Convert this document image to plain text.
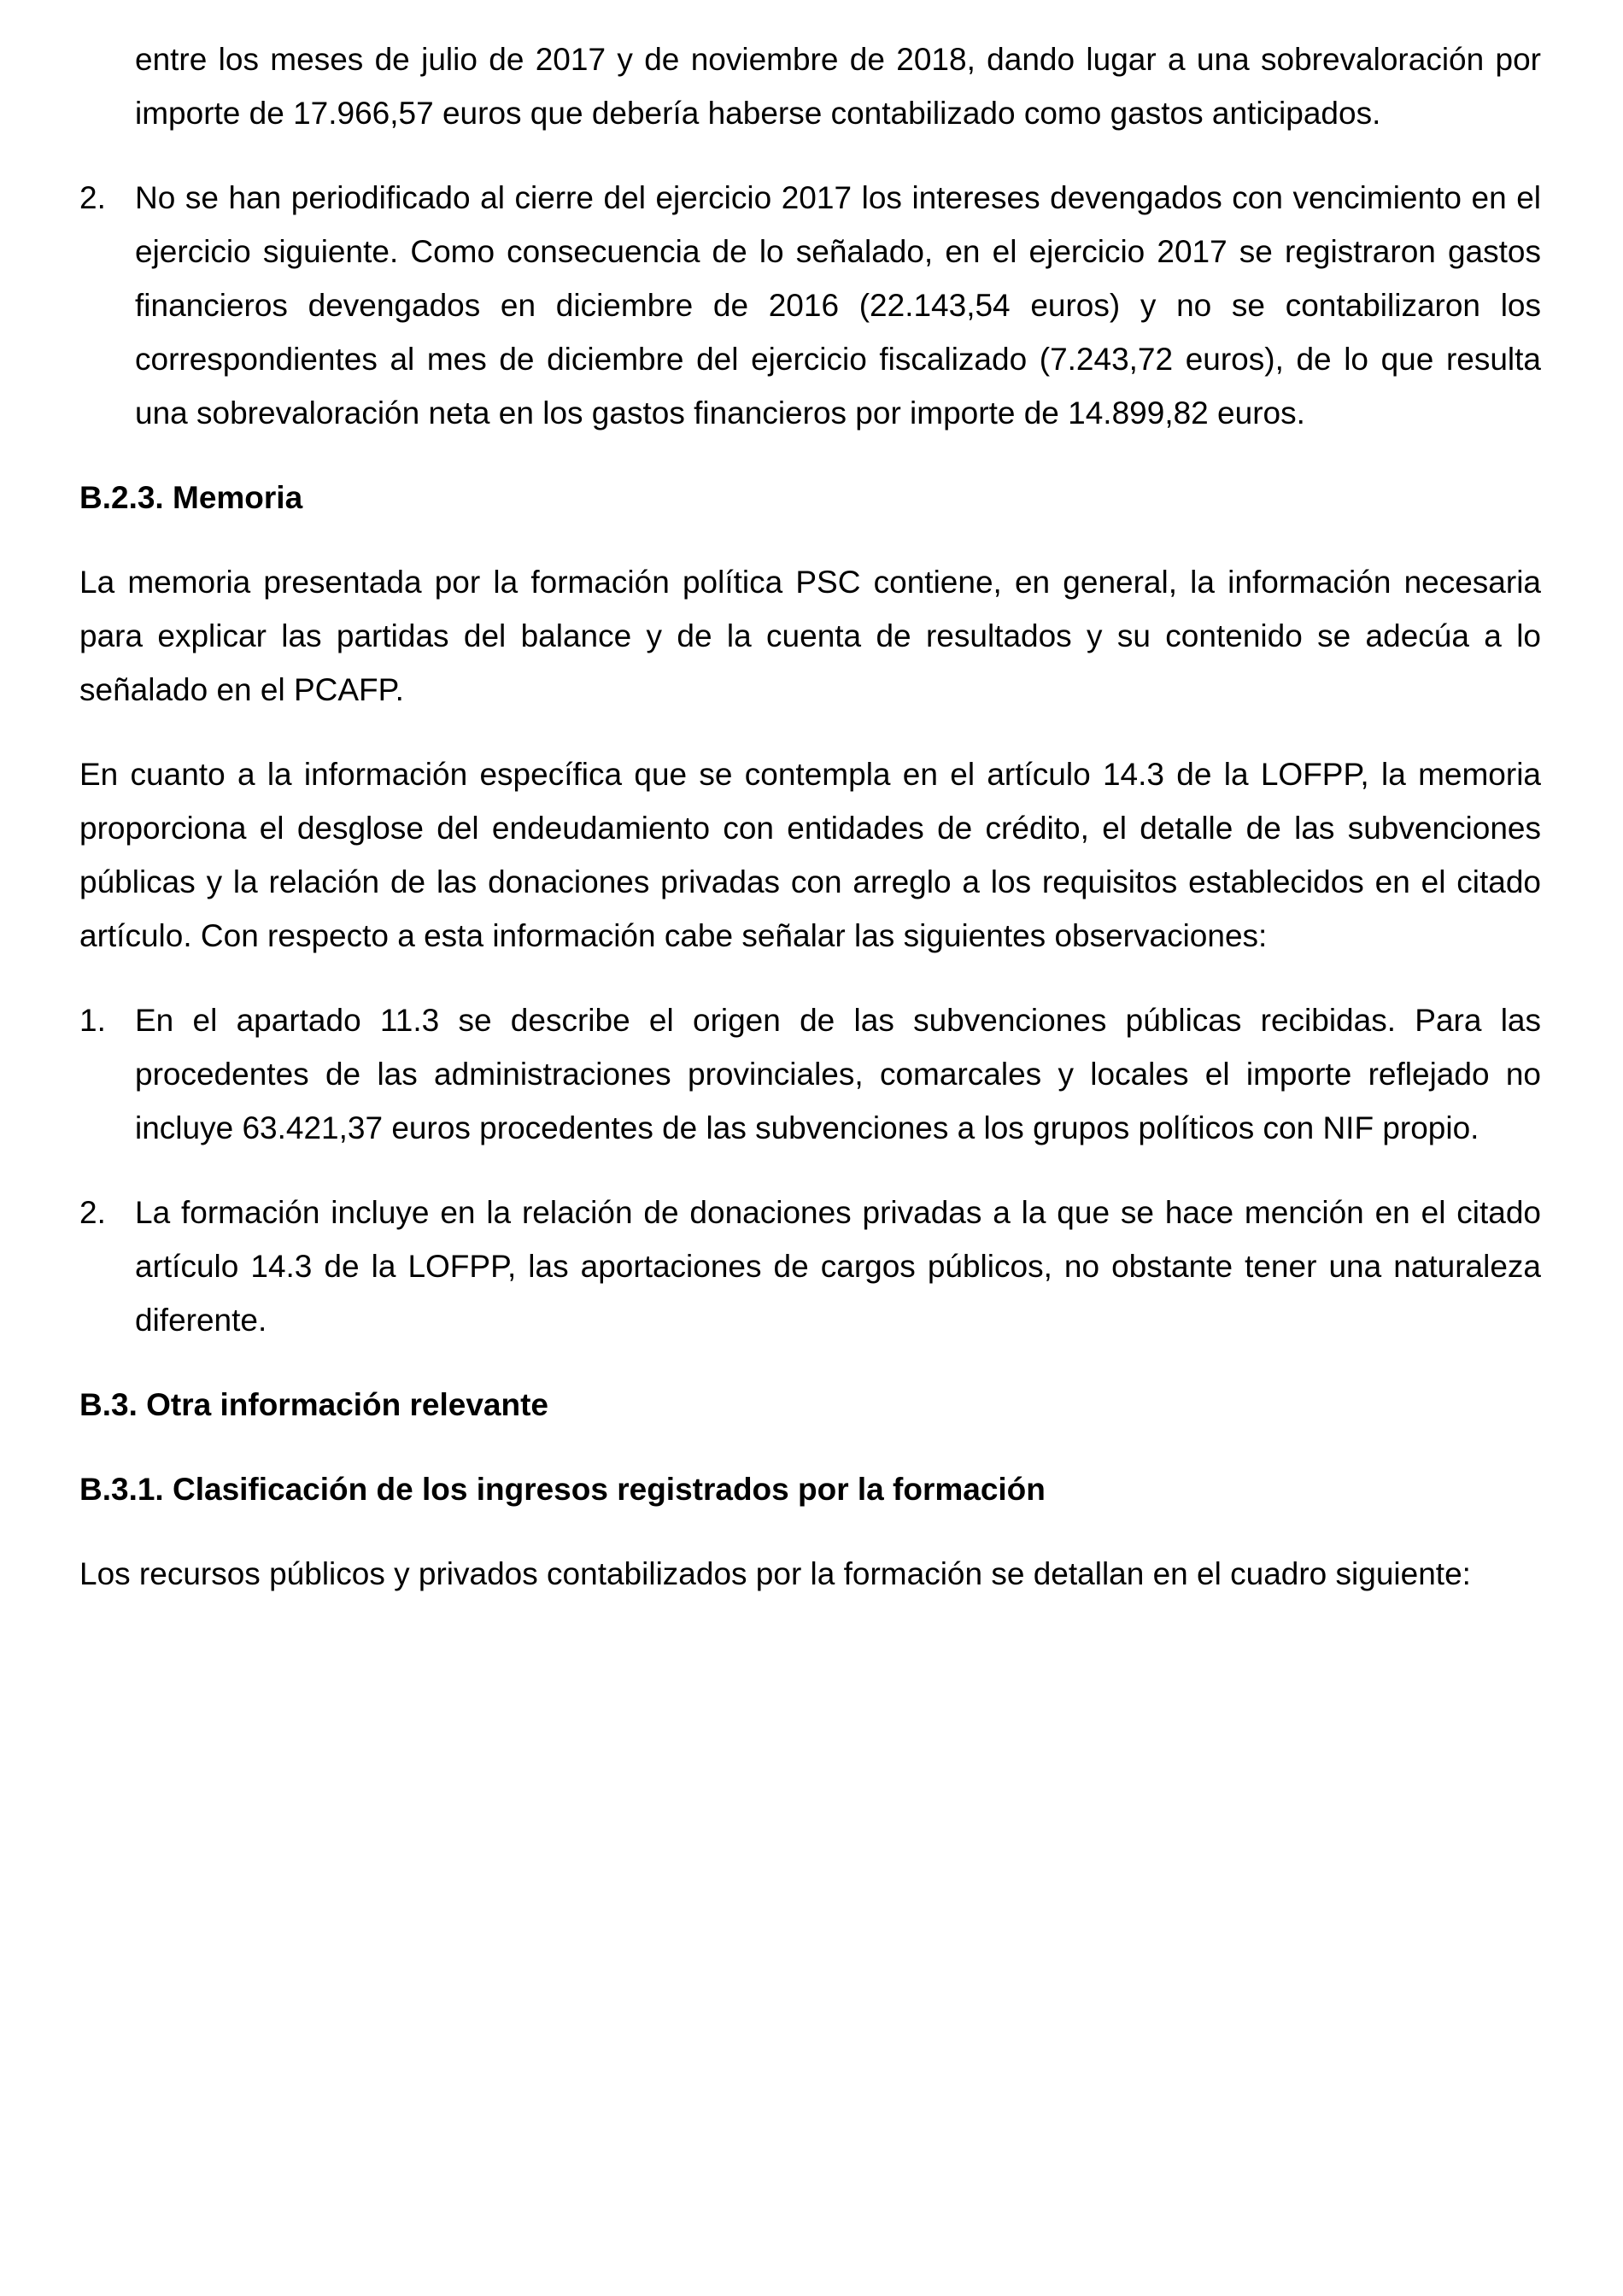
entre los meses de julio de 2017 y de noviembre de 2018, dando lugar a una sobrevaloración por importe de 17.966,57 euros que debería haberse contabilizado como gastos anticipados.

2. No se han periodificado al cierre del ejercicio 2017 los intereses devengados con vencimiento en el ejercicio siguiente. Como consecuencia de lo señalado, en el ejercicio 2017 se registraron gastos financieros devengados en diciembre de 2016 (22.143,54 euros) y no se contabilizaron los correspondientes al mes de diciembre del ejercicio fiscalizado (7.243,72 euros), de lo que resulta una sobrevaloración neta en los gastos financieros por importe de 14.899,82 euros.

B.2.3. Memoria

La memoria presentada por la formación política PSC contiene, en general, la información necesaria para explicar las partidas del balance y de la cuenta de resultados y su contenido se adecúa a lo señalado en el PCAFP.

En cuanto a la información específica que se contempla en el artículo 14.3 de la LOFPP, la memoria proporciona el desglose del endeudamiento con entidades de crédito, el detalle de las subvenciones públicas y la relación de las donaciones privadas con arreglo a los requisitos establecidos en el citado artículo. Con respecto a esta información cabe señalar las siguientes observaciones:

1. En el apartado 11.3 se describe el origen de las subvenciones públicas recibidas. Para las procedentes de las administraciones provinciales, comarcales y locales el importe reflejado no incluye 63.421,37 euros procedentes de las subvenciones a los grupos políticos con NIF propio.

2. La formación incluye en la relación de donaciones privadas a la que se hace mención en el citado artículo 14.3 de la LOFPP, las aportaciones de cargos públicos, no obstante tener una naturaleza diferente.

B.3. Otra información relevante

B.3.1. Clasificación de los ingresos registrados por la formación

Los recursos públicos y privados contabilizados por la formación se detallan en el cuadro siguiente:
